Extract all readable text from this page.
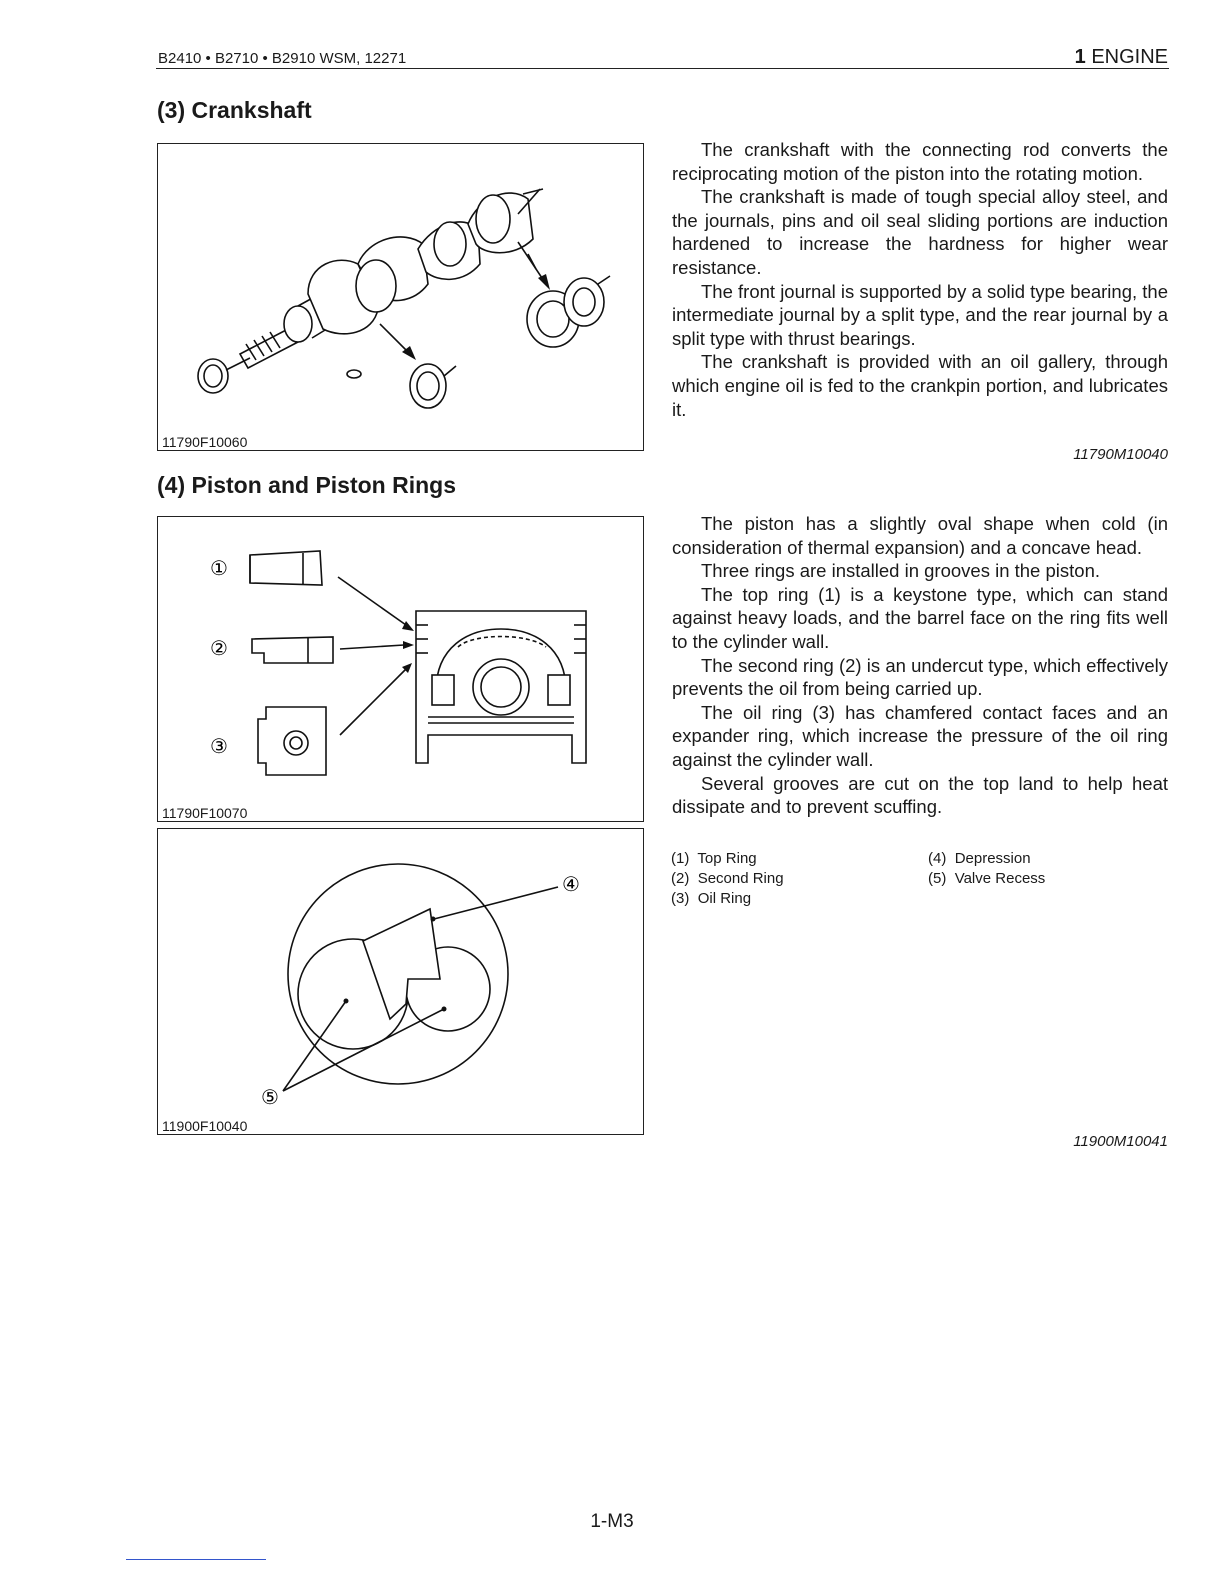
B2410 • B2710 • B2910 WSM, 12271	1 ENGINE
(3) Crankshaft
11790F10060

The crankshaft with the connecting rod converts the reciprocating motion of the piston into the rotating motion.

The crankshaft is made of tough special alloy steel, and the journals, pins and oil seal sliding portions are induction hardened to increase the hardness for higher wear resistance.

The front journal is supported by a solid type bearing, the intermediate journal by a split type, and the rear journal by a split type with thrust bearings.

The crankshaft is provided with an oil gallery, through which engine oil is fed to the crankpin portion, and lubricates it.

11790M10040
(4) Piston and Piston Rings
①
②
③
11790F10070
④
⑤
11900F10040

The piston has a slightly oval shape when cold (in consideration of thermal expansion) and a concave head.

Three rings are installed in grooves in the piston.

The top ring (1) is a keystone type, which can stand against heavy loads, and the barrel face on the ring fits well to the cylinder wall.

The second ring (2) is an undercut type, which effectively prevents the oil from being carried up.

The oil ring (3) has chamfered contact faces and an expander ring, which increase the pressure of the oil ring against the cylinder wall.

Several grooves are cut on the top land to help heat dissipate and to prevent scuffing.

(1) Top Ring
(2) Second Ring
(3) Oil Ring
(4) Depression
(5) Valve Recess
11900M10041
1-M3
